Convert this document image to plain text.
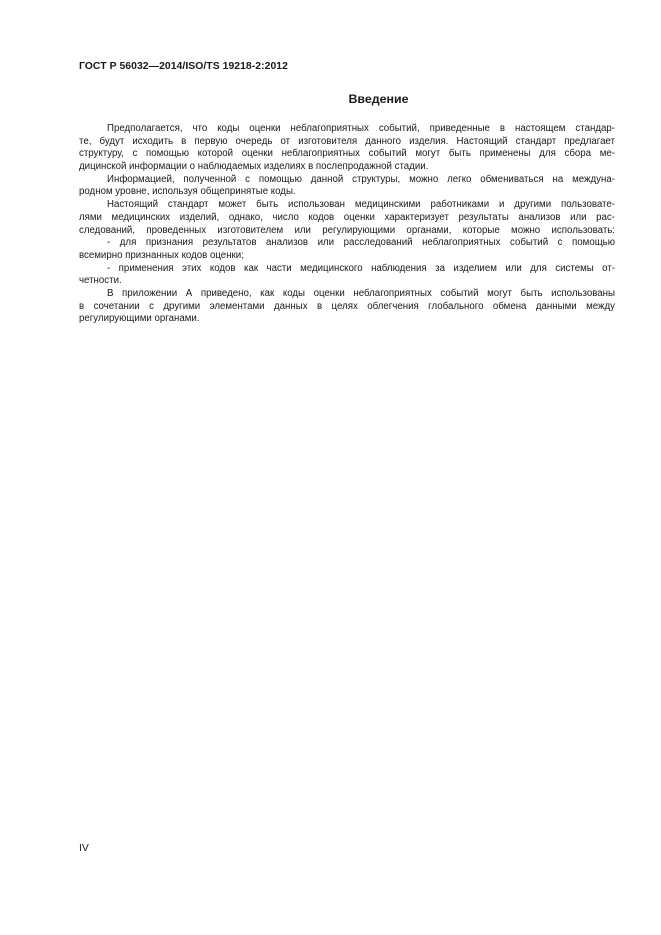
ГОСТ Р 56032—2014/ISO/TS 19218-2:2012
Введение
Предполагается, что коды оценки неблагоприятных событий, приведенные в настоящем стандар-
те, будут исходить в первую очередь от изготовителя данного изделия. Настоящий стандарт предлагает
структуру, с помощью которой оценки неблагоприятных событий могут быть применены для сбора ме-
дицинской информации о наблюдаемых изделиях в послепродажной стадии.
Информацией, полученной с помощью данной структуры, можно легко обмениваться на междуна-
родном уровне, используя общепринятые коды.
Настоящий стандарт может быть использован медицинскими работниками и другими пользовате-
лями медицинских изделий, однако, число кодов оценки характеризует результаты анализов или рас-
следований, проведенных изготовителем или регулирующими органами, которые можно использовать:
- для признания результатов анализов или расследований неблагоприятных событий с помощью
всемирно признанных кодов оценки;
- применения этих кодов как части медицинского наблюдения за изделием или для системы от-
четности.
В приложении А приведено, как коды оценки неблагоприятных событий могут быть использованы
в сочетании с другими элементами данных в целях облегчения глобального обмена данными между
регулирующими органами.
IV
